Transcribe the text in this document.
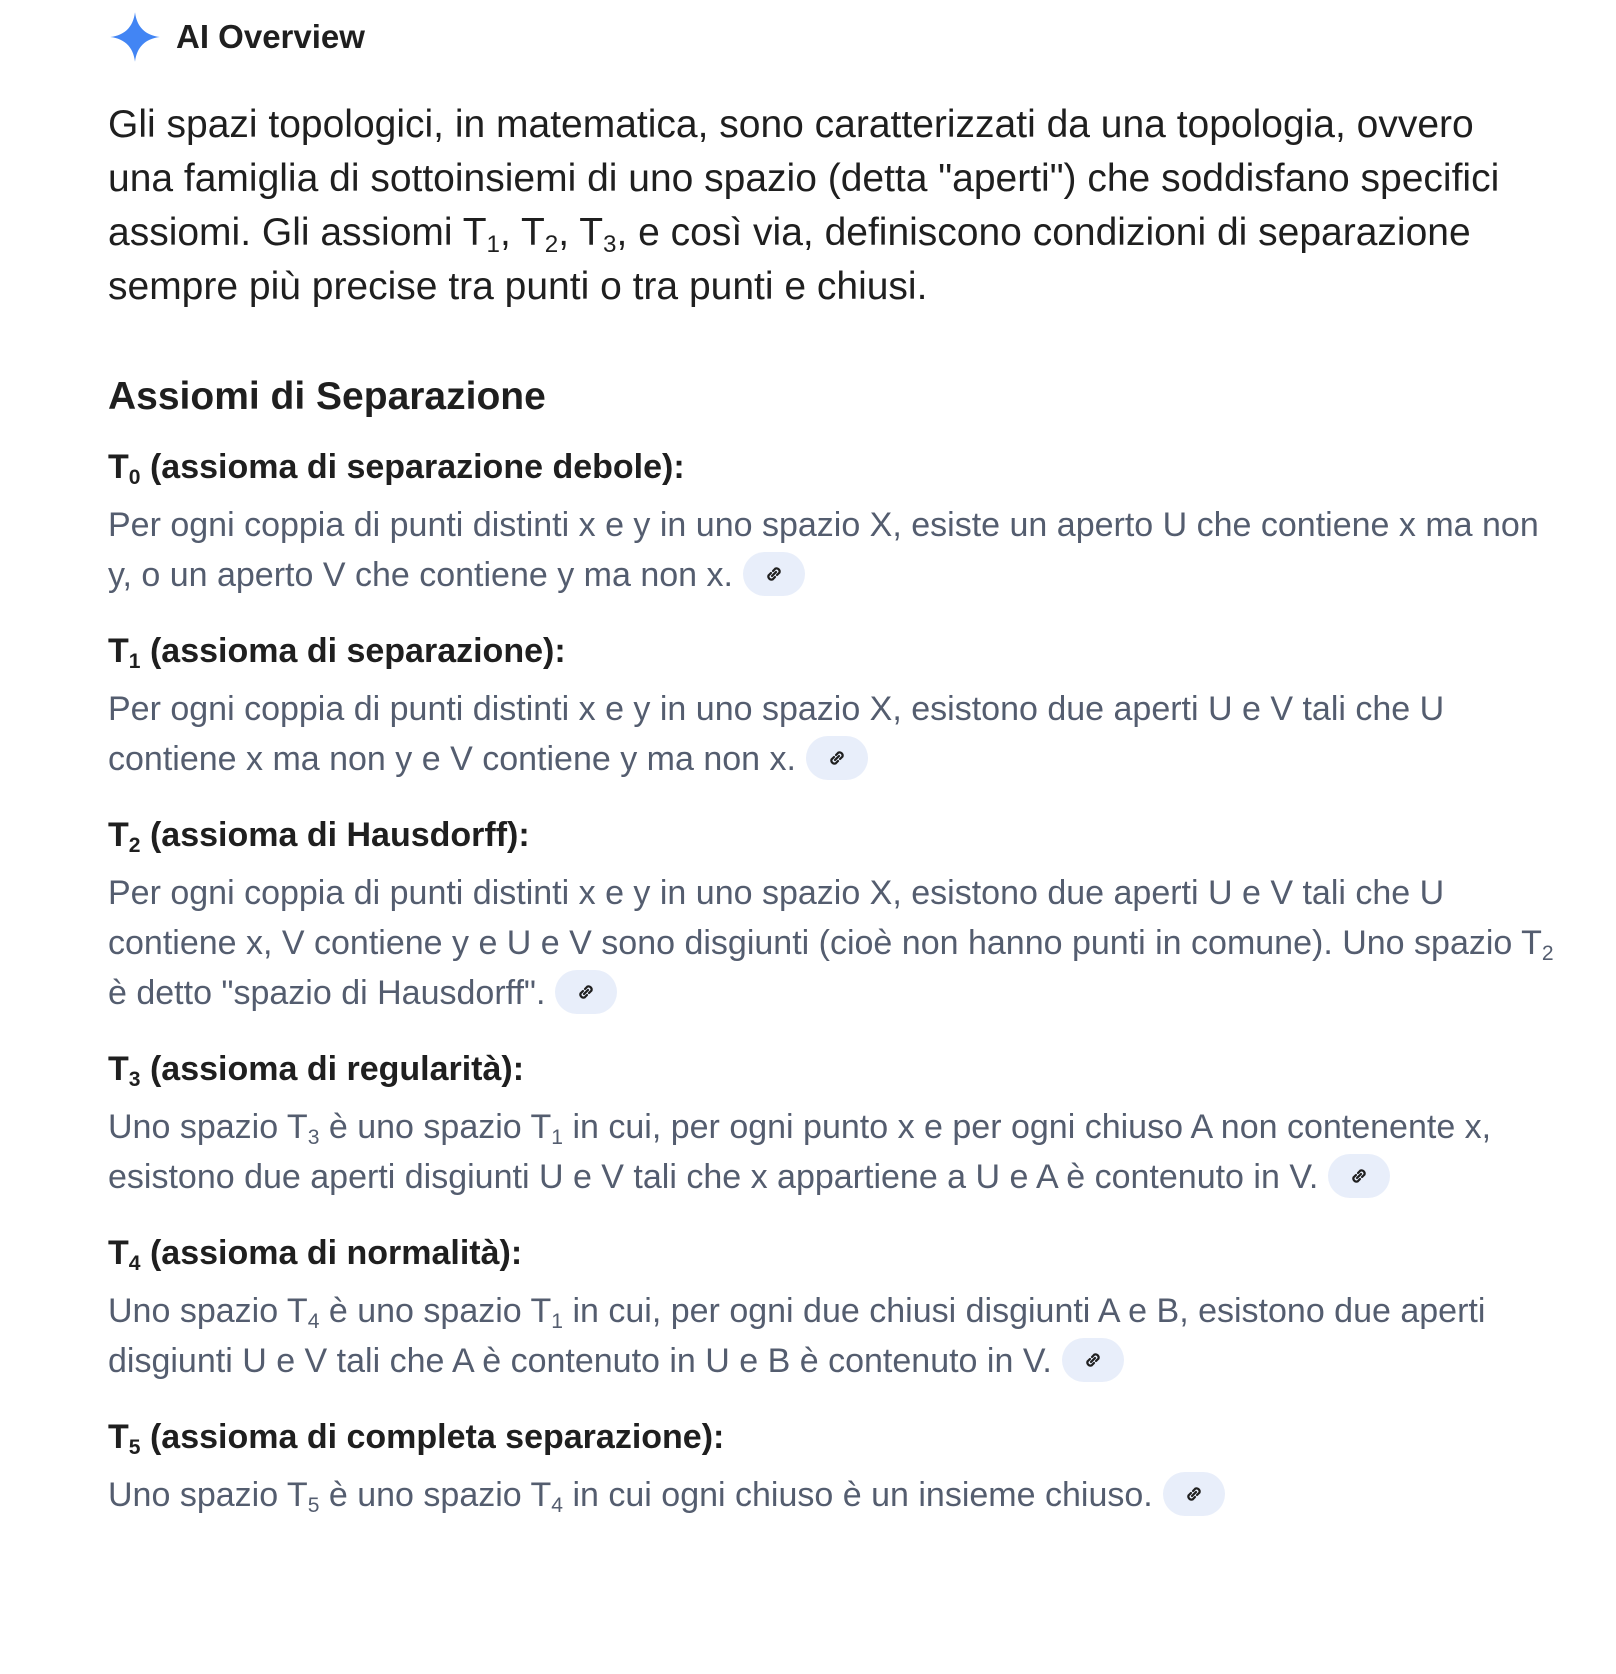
AI Overview

Gli spazi topologici, in matematica, sono caratterizzati da una topologia, ovvero una famiglia di sottoinsiemi di uno spazio (detta "aperti") che soddisfano specifici assiomi. Gli assiomi $T_1$, $T_2$, $T_3$, e così via, definiscono condizioni di separazione sempre più precise tra punti o tra punti e chiusi.

Assiomi di Separazione
$T_0$ (assioma di separazione debole):
Per ogni coppia di punti distinti x e y in uno spazio X, esiste un aperto U che contiene x ma non y, o un aperto V che contiene y ma non x.
$T_1$ (assioma di separazione):
Per ogni coppia di punti distinti x e y in uno spazio X, esistono due aperti U e V tali che U contiene x ma non y e V contiene y ma non x.
$T_2$ (assioma di Hausdorff):
Per ogni coppia di punti distinti x e y in uno spazio X, esistono due aperti U e V tali che U contiene x, V contiene y e U e V sono disgiunti (cioè non hanno punti in comune). Uno spazio $T_2$ è detto "spazio di Hausdorff".
$T_3$ (assioma di regularità):
Uno spazio $T_3$ è uno spazio $T_1$ in cui, per ogni punto x e per ogni chiuso A non contenente x, esistono due aperti disgiunti U e V tali che x appartiene a U e A è contenuto in V.
$T_4$ (assioma di normalità):
Uno spazio $T_4$ è uno spazio $T_1$ in cui, per ogni due chiusi disgiunti A e B, esistono due aperti disgiunti U e V tali che A è contenuto in U e B è contenuto in V.
$T_5$ (assioma di completa separazione):
Uno spazio $T_5$ è uno spazio $T_4$ in cui ogni chiuso è un insieme chiuso.
